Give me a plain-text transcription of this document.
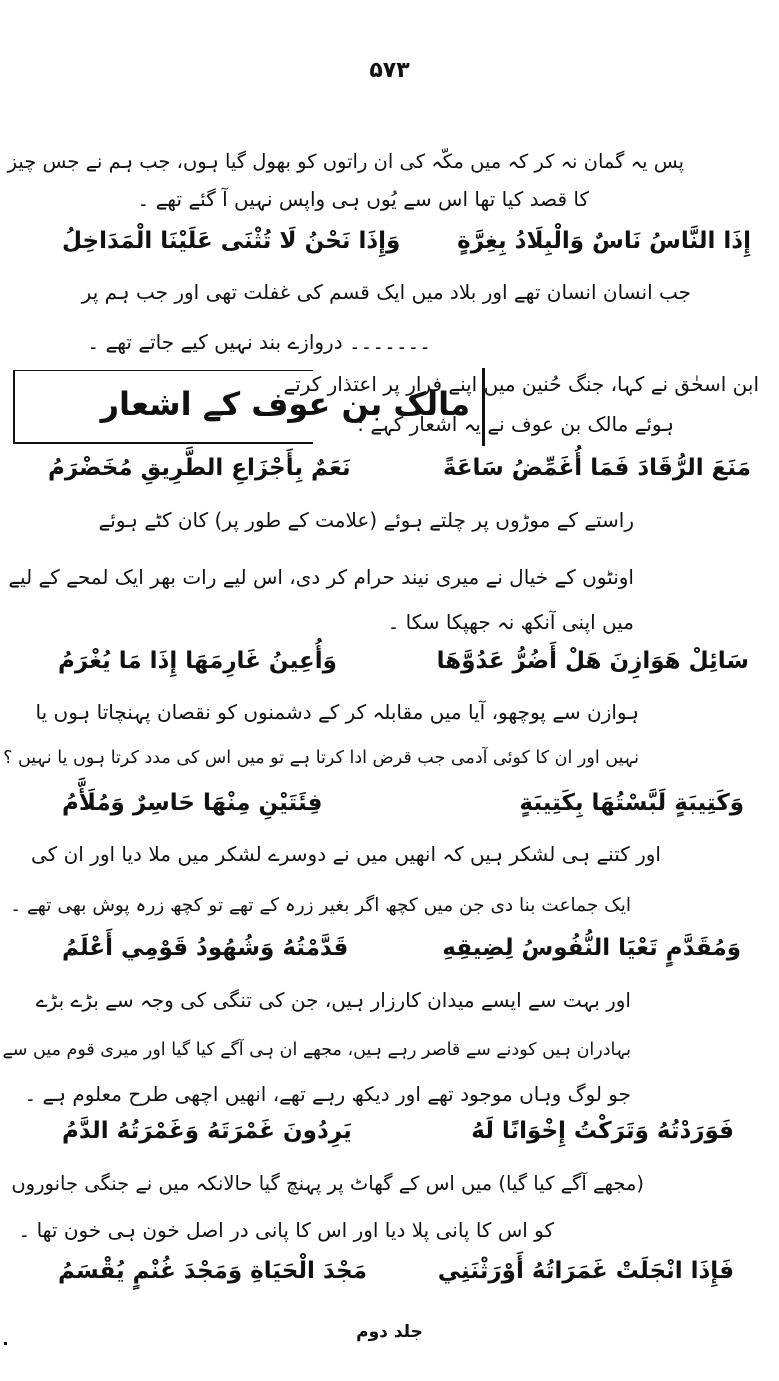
۵۷۳
پس یہ گمان نہ کر کہ میں مکّہ کی ان راتوں کو بھول گیا ہوں، جب ہم نے جس چیز
کا قصد کیا تھا اس سے یُوں ہی واپس نہیں آ گئے تھے ۔
إِذَا النَّاسُ نَاسٌ وَالْبِلَادُ بِغِرَّةٍ
وَإِذَا نَحْنُ لَا تُثْنَى عَلَيْنَا الْمَدَاخِلُ
جب انسان انسان تھے اور بلاد میں ایک قسم کی غفلت تھی اور جب ہم پر
۔۔۔۔۔۔۔ دروازے بند نہیں کیے جاتے تھے ۔
مالک بن عوف کے اشعار
ابن اسحٰق نے کہا، جنگ حُنین میں اپنے فرار پر اعتذار کرتے
ہوئے مالک بن عوف نے یہ اشعار کہے :
مَنَعَ الرُّقَادَ فَمَا أُغَمِّضُ سَاعَةً
نَعَمٌ بِأَجْزَاعِ الطَّرِيقِ مُخَضْرَمُ
راستے کے موڑوں پر چلتے ہوئے (علامت کے طور پر) کان کٹے ہوئے
اونٹوں کے خیال نے میری نیند حرام کر دی، اس لیے رات بھر ایک لمحے کے لیے
میں اپنی آنکھ نہ جھپکا سکا ۔
سَائِلْ هَوَازِنَ هَلْ أَضُرُّ عَدُوَّهَا
وَأُعِينُ غَارِمَهَا إِذَا مَا يُغْرَمُ
ہوازن سے پوچھو، آیا میں مقابلہ کر کے دشمنوں کو نقصان پہنچاتا ہوں یا
نہیں اور ان کا کوئی آدمی جب قرض ادا کرتا ہے تو میں اس کی مدد کرتا ہوں یا نہیں ؟
وَكَتِيبَةٍ لَبَّسْتُهَا بِكَتِيبَةٍ
فِئَتَيْنِ مِنْهَا حَاسِرٌ وَمُلَأَّمُ
اور کتنے ہی لشکر ہیں کہ انھیں میں نے دوسرے لشکر میں ملا دیا اور ان کی
ایک جماعت بنا دی جن میں کچھ اگر بغیر زرہ کے تھے تو کچھ زرہ پوش بھی تھے ۔
وَمُقَدَّمٍ تَعْيَا النُّفُوسُ لِضِيقِهِ
قَدَّمْتُهُ وَشُهُودُ قَوْمِي أَعْلَمُ
اور بہت سے ایسے میدان کارزار ہیں، جن کی تنگی کی وجہ سے بڑے بڑے
بہادران ہیں کودنے سے قاصر رہے ہیں، مجھے ان ہی آگے کیا گیا اور میری قوم میں سے
جو لوگ وہاں موجود تھے اور دیکھ رہے تھے، انھیں اچھی طرح معلوم ہے ۔
فَوَرَدْتُهُ وَتَرَكْتُ إِخْوَانًا لَهُ
يَرِدُونَ غَمْرَتَهُ وَغَمْرَتُهُ الدَّمُ
(مجھے آگے کیا گیا) میں اس کے گھاٹ پر پہنچ گیا حالانکہ میں نے جنگی جانوروں
کو اس کا پانی پلا دیا اور اس کا پانی در اصل خون ہی خون تھا ۔
فَإِذَا انْجَلَتْ غَمَرَاتُهُ أَوْرَثْنَنِي
مَجْدَ الْحَيَاةِ وَمَجْدَ غُنْمٍ يُقْسَمُ
جلد دوم
